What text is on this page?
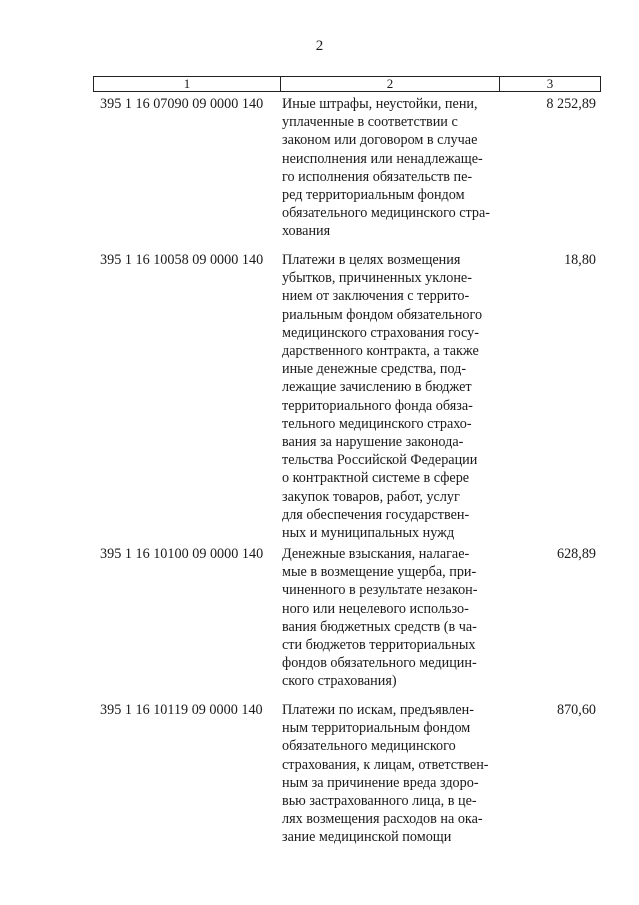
2
1	2	3
395 1 16 07090 09 0000 140 Иные штрафы, неустойки, пени,
уплаченные в соответствии с
законом или договором в случае
неисполнения или ненадлежаще-
го исполнения обязательств пе-
ред территориальным фондом
обязательного медицинского стра-
хования
8 252,89
395 1 16 10058 09 0000 140 Платежи в целях возмещения
убытков, причиненных уклоне-
нием от заключения с террито-
риальным фондом обязательного
медицинского страхования госу-
дарственного контракта, а также
иные денежные средства, под-
лежащие зачислению в бюджет
территориального фонда обяза-
тельного медицинского страхо-
вания за нарушение законода-
тельства Российской Федерации
о контрактной системе в сфере
закупок товаров, работ, услуг
для обеспечения государствен-
ных и муниципальных нужд
18,80
395 1 16 10100 09 0000 140 Денежные взыскания, налагае-
мые в возмещение ущерба, при-
чиненного в результате незакон-
ного или нецелевого использо-
вания бюджетных средств (в ча-
сти бюджетов территориальных
фондов обязательного медицин-
ского страхования)
628,89
395 1 16 10119 09 0000 140 Платежи по искам, предъявлен-
ным территориальным фондом
обязательного медицинского
страхования, к лицам, ответствен-
ным за причинение вреда здоро-
вью застрахованного лица, в це-
лях возмещения расходов на ока-
зание медицинской помощи
870,60
